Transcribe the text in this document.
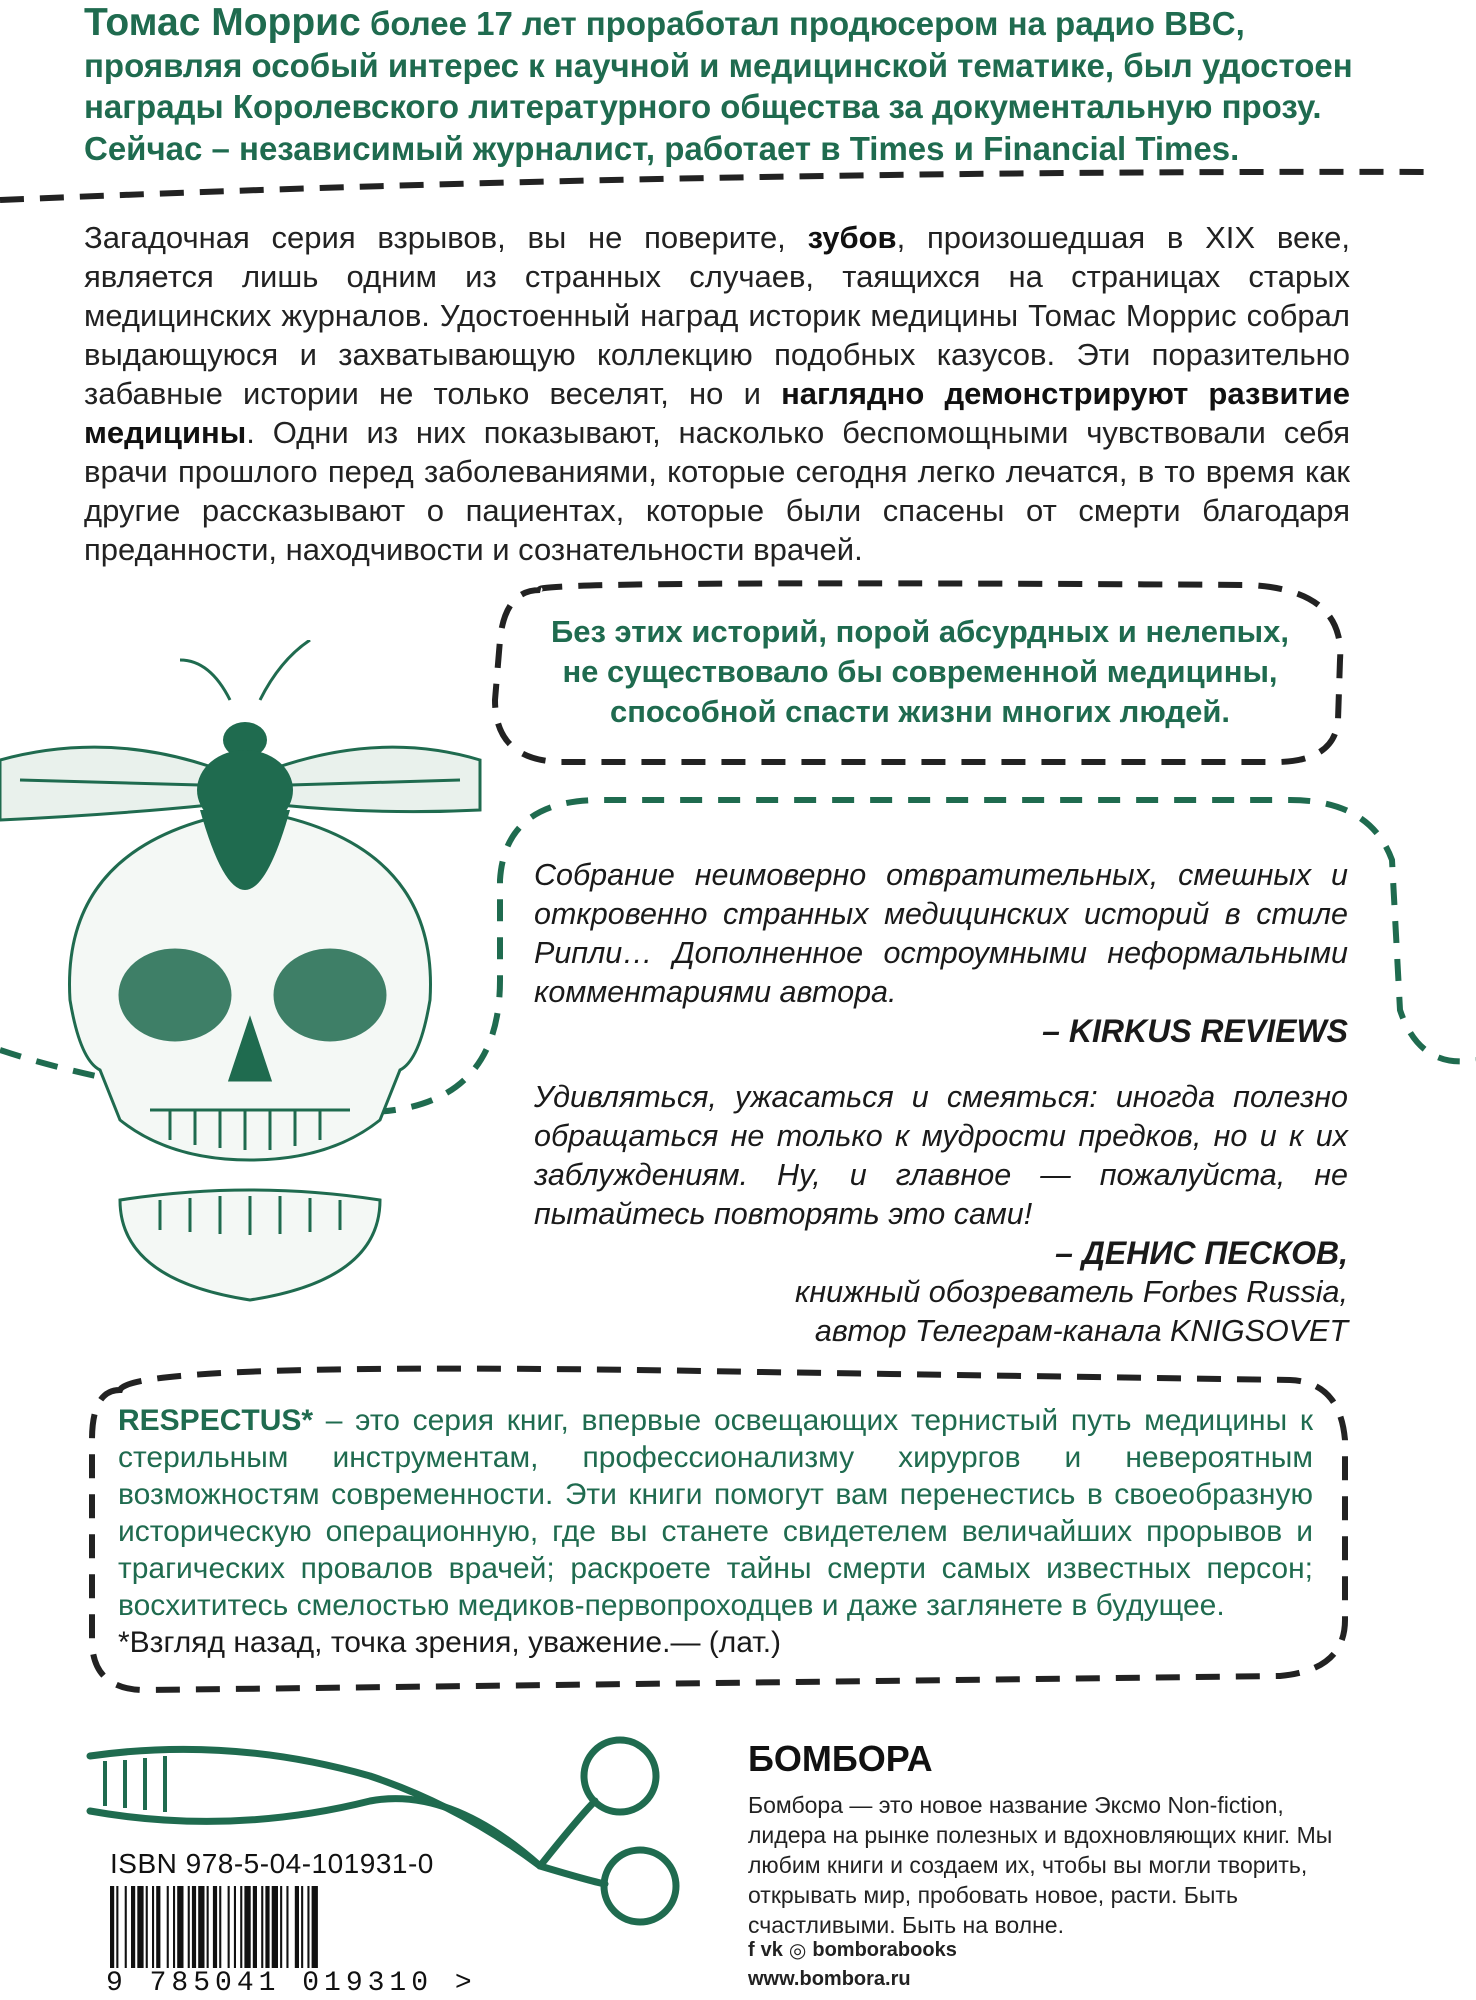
Томас Моррис более 17 лет проработал продюсером на радио BBC, проявляя особый интерес к научной и медицинской тематике, был удостоен награды Королевского литературного общества за документальную прозу. Сейчас – независимый журналист, работает в Times и Financial Times.
Загадочная серия взрывов, вы не поверите, зубов, произошедшая в XIX веке, является лишь одним из странных случаев, таящихся на страницах старых медицинских журналов. Удостоенный наград историк медицины Томас Моррис собрал выдающуюся и захватывающую коллекцию подобных казусов. Эти поразительно забавные истории не только веселят, но и наглядно демонстрируют развитие медицины. Одни из них показывают, насколько беспомощными чувствовали себя врачи прошлого перед заболеваниями, которые сегодня легко лечатся, в то время как другие рассказывают о пациентах, которые были спасены от смерти благодаря преданности, находчивости и сознательности врачей.
Без этих историй, порой абсурдных и нелепых,
не существовало бы современной медицины,
способной спасти жизни многих людей.
Собрание неимоверно отвратительных, смешных и откровенно странных медицинских историй в стиле Рипли… Дополненное остроумными неформальными комментариями автора.
– KIRKUS REVIEWS
Удивляться, ужасаться и смеяться: иногда полезно обращаться не только к мудрости предков, но и к их заблуждениям. Ну, и главное — пожалуйста, не пытайтесь повторять это сами!
– ДЕНИС ПЕСКОВ,
книжный обозреватель Forbes Russia,
автор Телеграм-канала KNIGSOVET
RESPECTUS* – это серия книг, впервые освещающих тернистый путь медицины к стерильным инструментам, профессионализму хирургов и невероятным возможностям современности. Эти книги помогут вам перенестись в своеобразную историческую операционную, где вы станете свидетелем величайших прорывов и трагических провалов врачей; раскроете тайны смерти самых известных персон; восхититесь смелостью медиков-первопроходцев и даже заглянете в будущее.
*Взгляд назад, точка зрения, уважение.— (лат.)
ISBN 978-5-04-101931-0
9 785041 019310 >
БОМБОРА
Бомбора — это новое название Эксмо Non-fiction, лидера на рынке полезных и вдохновляющих книг. Мы любим книги и создаем их, чтобы вы могли творить, открывать мир, пробовать новое, расти. Быть счастливыми. Быть на волне.
f vk ◎ bomborabooks
www.bombora.ru
